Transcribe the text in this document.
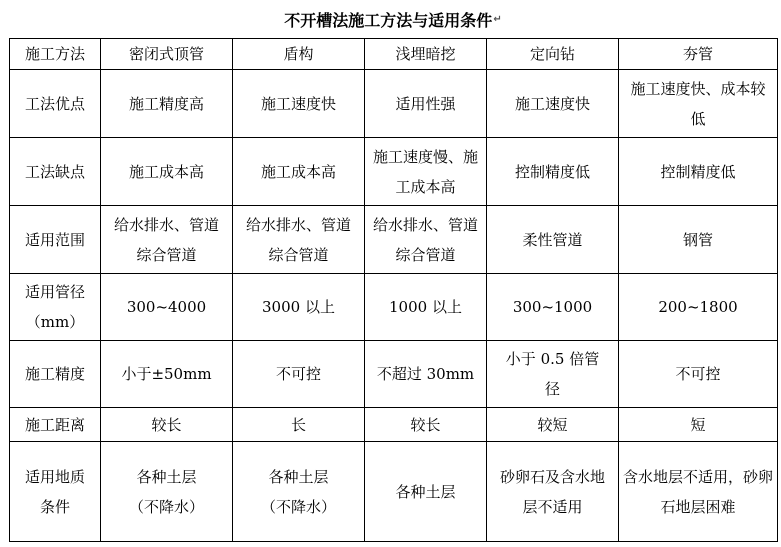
不开槽法施工方法与适用条件 ↵
施工方法	密闭式顶管	盾构	浅埋暗挖	定向钻	夯管
工法优点	施工精度高	施工速度快	适用性强	施工速度快	施工速度快、成本较低
工法缺点	施工成本高	施工成本高	施工速度慢、施工成本高	控制精度低	控制精度低
适用范围	给水排水、管道综合管道	给水排水、管道综合管道	给水排水、管道综合管道	柔性管道	钢管
适用管径（mm）	300~4000	3000 以上	1000 以上	300~1000	200~1800
施工精度	小于±50mm	不可控	不超过 30mm	小于 0.5 倍管径	不可控
施工距离	较长	长	较长	较短	短
适用地质条件	各种土层（不降水）	各种土层（不降水）	各种土层	砂卵石及含水地层不适用	含水地层不适用，砂卵石地层困难
